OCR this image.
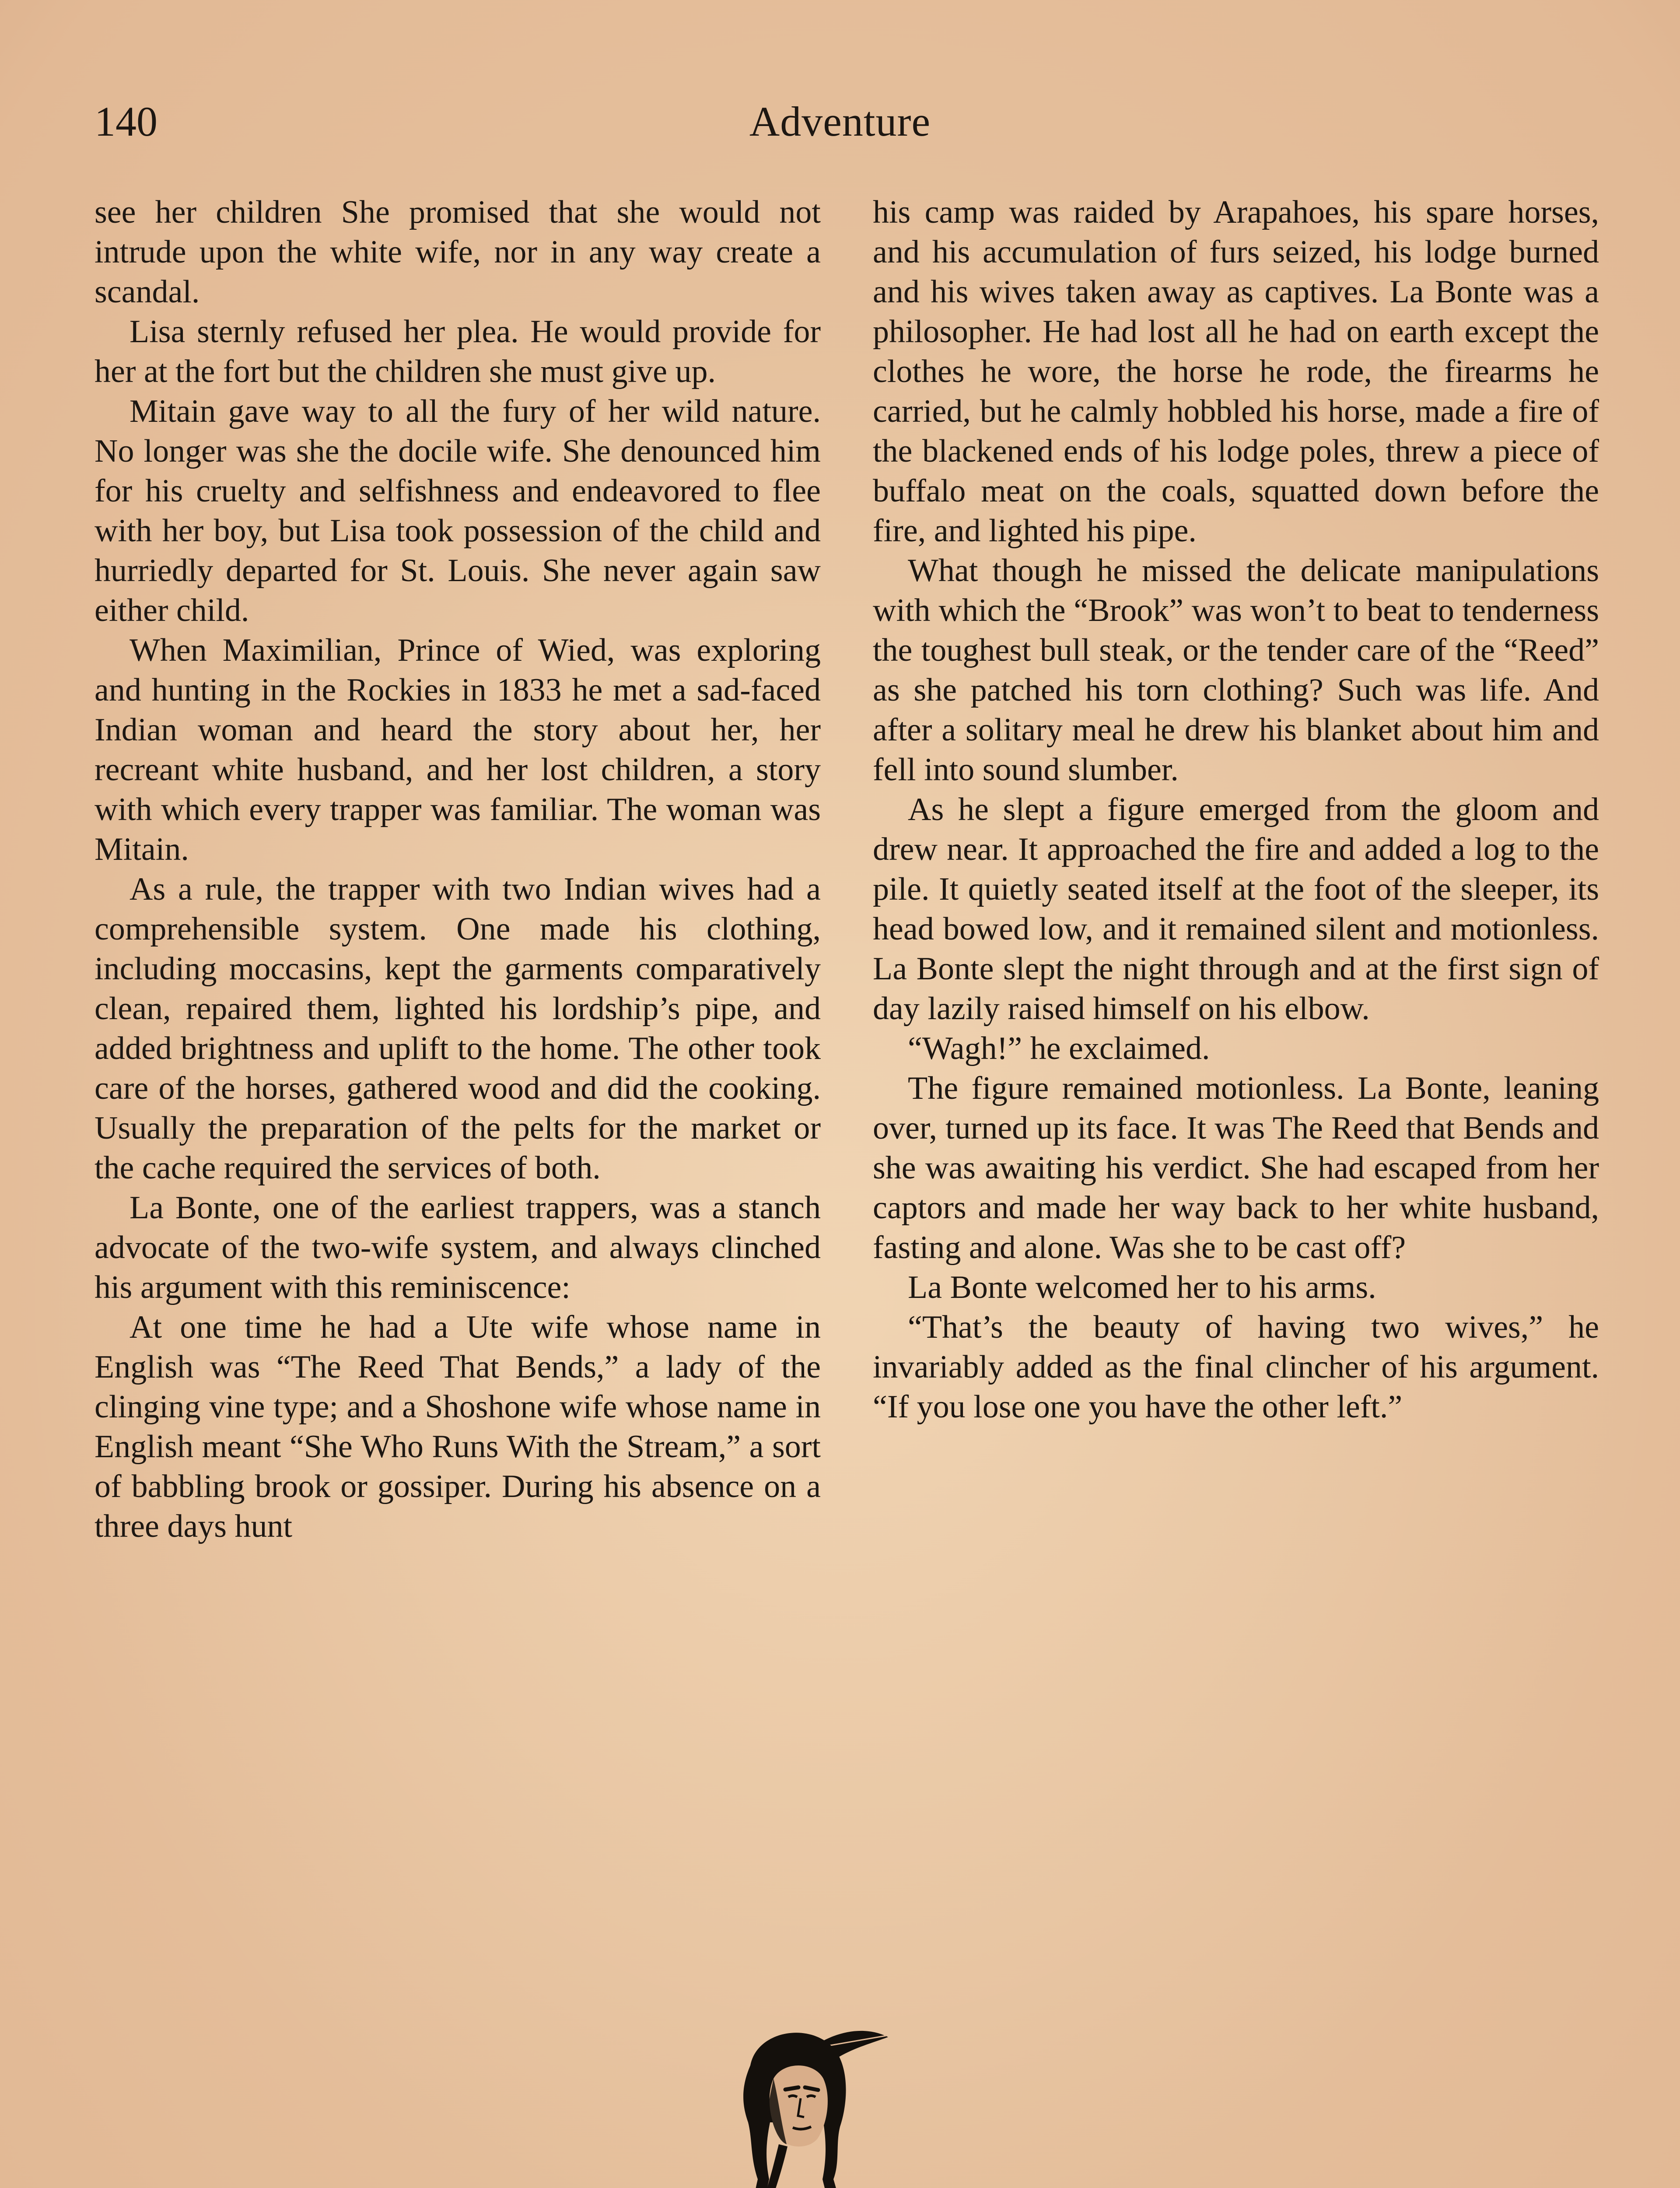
140	Adventure

see her children She promised that she would not intrude upon the white wife, nor in any way create a scandal.

Lisa sternly refused her plea. He would provide for her at the fort but the children she must give up.

Mitain gave way to all the fury of her wild nature. No longer was she the docile wife. She denounced him for his cruelty and selfishness and endeavored to flee with her boy, but Lisa took possession of the child and hurriedly departed for St. Louis. She never again saw either child.

When Maximilian, Prince of Wied, was exploring and hunting in the Rockies in 1833 he met a sad-faced Indian woman and heard the story about her, her recreant white husband, and her lost children, a story with which every trapper was familiar. The woman was Mitain.

As a rule, the trapper with two Indian wives had a comprehensible system. One made his clothing, including moccasins, kept the garments comparatively clean, repaired them, lighted his lordship’s pipe, and added brightness and uplift to the home. The other took care of the horses, gathered wood and did the cooking. Usually the preparation of the pelts for the market or the cache required the services of both.

La Bonte, one of the earliest trappers, was a stanch advocate of the two-wife system, and always clinched his argument with this reminiscence:

At one time he had a Ute wife whose name in English was “The Reed That Bends,” a lady of the clinging vine type; and a Shoshone wife whose name in English meant “She Who Runs With the Stream,” a sort of babbling brook or gossiper. During his absence on a three days hunt

his camp was raided by Arapahoes, his spare horses, and his accumulation of furs seized, his lodge burned and his wives taken away as captives. La Bonte was a philosopher. He had lost all he had on earth except the clothes he wore, the horse he rode, the firearms he carried, but he calmly hobbled his horse, made a fire of the blackened ends of his lodge poles, threw a piece of buffalo meat on the coals, squatted down before the fire, and lighted his pipe.

What though he missed the delicate manipulations with which the “Brook” was won’t to beat to tenderness the toughest bull steak, or the tender care of the “Reed” as she patched his torn clothing? Such was life. And after a solitary meal he drew his blanket about him and fell into sound slumber.

As he slept a figure emerged from the gloom and drew near. It approached the fire and added a log to the pile. It quietly seated itself at the foot of the sleeper, its head bowed low, and it remained silent and motionless. La Bonte slept the night through and at the first sign of day lazily raised himself on his elbow.

“Wagh!” he exclaimed.

The figure remained motionless. La Bonte, leaning over, turned up its face. It was The Reed that Bends and she was awaiting his verdict. She had escaped from her captors and made her way back to her white husband, fasting and alone. Was she to be cast off?

La Bonte welcomed her to his arms.

“That’s the beauty of having two wives,” he invariably added as the final clincher of his argument. “If you lose one you have the other left.”
